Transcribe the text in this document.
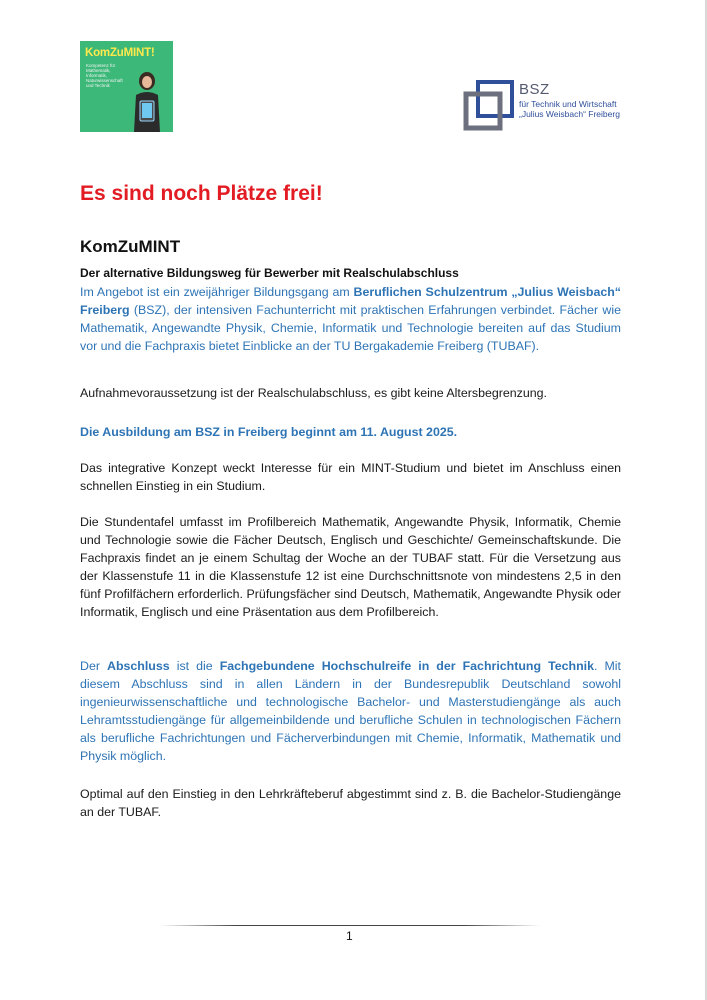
KomZuMINT!
Kompetenz für Mathematik, Informatik, Naturwissenschaft und Technik	BSZ
für Technik und Wirtschaft
„Julius Weisbach“ Freiberg
Es sind noch Plätze frei!
KomZuMINT
Der alternative Bildungsweg für Bewerber mit Realschulabschluss

Im Angebot ist ein zweijähriger Bildungsgang am Beruflichen Schulzentrum „Julius Weisbach“ Freiberg (BSZ), der intensiven Fachunterricht mit praktischen Erfahrungen verbindet. Fächer wie Mathematik, Angewandte Physik, Chemie, Informatik und Technologie bereiten auf das Studium vor und die Fachpraxis bietet Einblicke an der TU Bergakademie Freiberg (TUBAF).

Aufnahmevoraussetzung ist der Realschulabschluss, es gibt keine Altersbegrenzung.

Die Ausbildung am BSZ in Freiberg beginnt am 11. August 2025.

Das integrative Konzept weckt Interesse für ein MINT-Studium und bietet im Anschluss einen schnellen Einstieg in ein Studium.

Die Stundentafel umfasst im Profilbereich Mathematik, Angewandte Physik, Informatik, Chemie und Technologie sowie die Fächer Deutsch, Englisch und Geschichte/ Gemeinschaftskunde. Die Fachpraxis findet an je einem Schultag der Woche an der TUBAF statt. Für die Versetzung aus der Klassenstufe 11 in die Klassenstufe 12 ist eine Durchschnittsnote von mindestens 2,5 in den fünf Profilfächern erforderlich. Prüfungsfächer sind Deutsch, Mathematik, Angewandte Physik oder Informatik, Englisch und eine Präsentation aus dem Profilbereich.

Der Abschluss ist die Fachgebundene Hochschulreife in der Fachrichtung Technik. Mit diesem Abschluss sind in allen Ländern in der Bundesrepublik Deutschland sowohl ingenieurwissenschaftliche und technologische Bachelor- und Masterstudiengänge als auch Lehramtsstudiengänge für allgemeinbildende und berufliche Schulen in technologischen Fächern als berufliche Fachrichtungen und Fächerverbindungen mit Chemie, Informatik, Mathematik und Physik möglich.

Optimal auf den Einstieg in den Lehrkräfteberuf abgestimmt sind z. B. die Bachelor-Studiengänge an der TUBAF.

1
